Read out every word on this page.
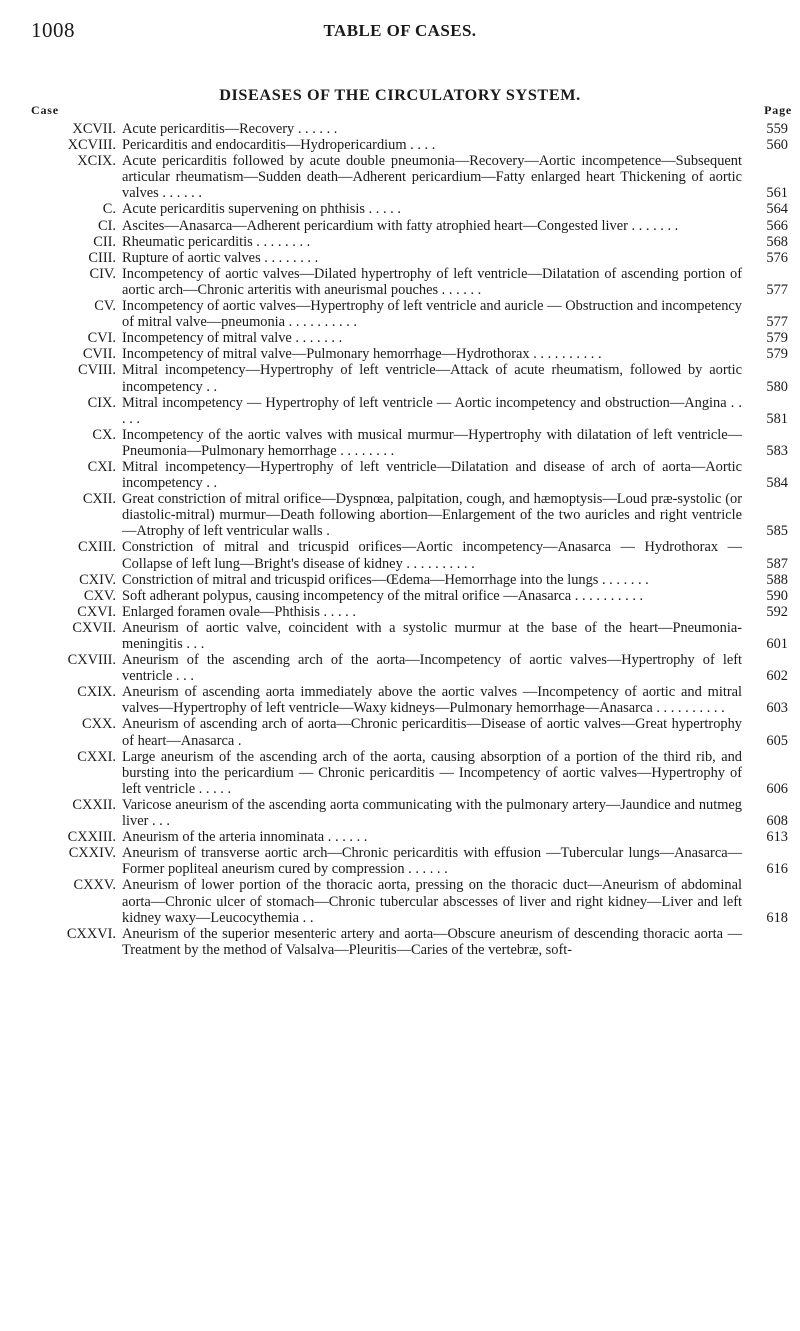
1008	TABLE OF CASES.
DISEASES OF THE CIRCULATORY SYSTEM.
Case	Page
XCVII. Acute pericarditis—Recovery . . . . . .	559
XCVIII. Pericarditis and endocarditis—Hydropericardium . . . .	560
XCIX. Acute pericarditis followed by acute double pneumonia—Recovery—Aortic incompetence—Subsequent articular rheumatism—Sudden death—Adherent pericardium—Fatty enlarged heart Thickening of aortic valves . . . . . .	561
C. Acute pericarditis supervening on phthisis . . . . .	564
CI. Ascites—Anasarca—Adherent pericardium with fatty atrophied heart—Congested liver . . . . . . .	566
CII. Rheumatic pericarditis . . . . . . . .	568
CIII. Rupture of aortic valves . . . . . . . .	576
CIV. Incompetency of aortic valves—Dilated hypertrophy of left ventricle—Dilatation of ascending portion of aortic arch—Chronic arteritis with aneurismal pouches . . . . . .	577
CV. Incompetency of aortic valves—Hypertrophy of left ventricle and auricle — Obstruction and incompetency of mitral valve—pneumonia . . . . . . . . . .	577
CVI. Incompetency of mitral valve . . . . . . .	579
CVII. Incompetency of mitral valve—Pulmonary hemorrhage—Hydrothorax . . . . . . . . . .	579
CVIII. Mitral incompetency—Hypertrophy of left ventricle—Attack of acute rheumatism, followed by aortic incompetency . .	580
CIX. Mitral incompetency — Hypertrophy of left ventricle — Aortic incompetency and obstruction—Angina . . . . .	581
CX. Incompetency of the aortic valves with musical murmur—Hypertrophy with dilatation of left ventricle—Pneumonia—Pulmonary hemorrhage . . . . . . . .	583
CXI. Mitral incompetency—Hypertrophy of left ventricle—Dilatation and disease of arch of aorta—Aortic incompetency . .	584
CXII. Great constriction of mitral orifice—Dyspnœa, palpitation, cough, and hæmoptysis—Loud præ-systolic (or diastolic-mitral) murmur—Death following abortion—Enlargement of the two auricles and right ventricle—Atrophy of left ventricular walls .	585
CXIII. Constriction of mitral and tricuspid orifices—Aortic incompetency—Anasarca — Hydrothorax — Collapse of left lung—Bright's disease of kidney . . . . . . . . . .	587
CXIV. Constriction of mitral and tricuspid orifices—Œdema—Hemorrhage into the lungs . . . . . . .	588
CXV. Soft adherant polypus, causing incompetency of the mitral orifice —Anasarca . . . . . . . . . .	590
CXVI. Enlarged foramen ovale—Phthisis . . . . .	592
CXVII. Aneurism of aortic valve, coincident with a systolic murmur at the base of the heart—Pneumonia-meningitis . . .	601
CXVIII. Aneurism of the ascending arch of the aorta—Incompetency of aortic valves—Hypertrophy of left ventricle . . .	602
CXIX. Aneurism of ascending aorta immediately above the aortic valves —Incompetency of aortic and mitral valves—Hypertrophy of left ventricle—Waxy kidneys—Pulmonary hemorrhage—Anasarca . . . . . . . . . .	603
CXX. Aneurism of ascending arch of aorta—Chronic pericarditis—Disease of aortic valves—Great hypertrophy of heart—Anasarca .	605
CXXI. Large aneurism of the ascending arch of the aorta, causing absorption of a portion of the third rib, and bursting into the pericardium — Chronic pericarditis — Incompetency of aortic valves—Hypertrophy of left ventricle . . . . .	606
CXXII. Varicose aneurism of the ascending aorta communicating with the pulmonary artery—Jaundice and nutmeg liver . . .	608
CXXIII. Aneurism of the arteria innominata . . . . . .	613
CXXIV. Aneurism of transverse aortic arch—Chronic pericarditis with effusion —Tubercular lungs—Anasarca—Former popliteal aneurism cured by compression . . . . . .	616
CXXV. Aneurism of lower portion of the thoracic aorta, pressing on the thoracic duct—Aneurism of abdominal aorta—Chronic ulcer of stomach—Chronic tubercular abscesses of liver and right kidney—Liver and left kidney waxy—Leucocythemia . .	618
CXXVI. Aneurism of the superior mesenteric artery and aorta—Obscure aneurism of descending thoracic aorta — Treatment by the method of Valsalva—Pleuritis—Caries of the vertebræ, soft-
